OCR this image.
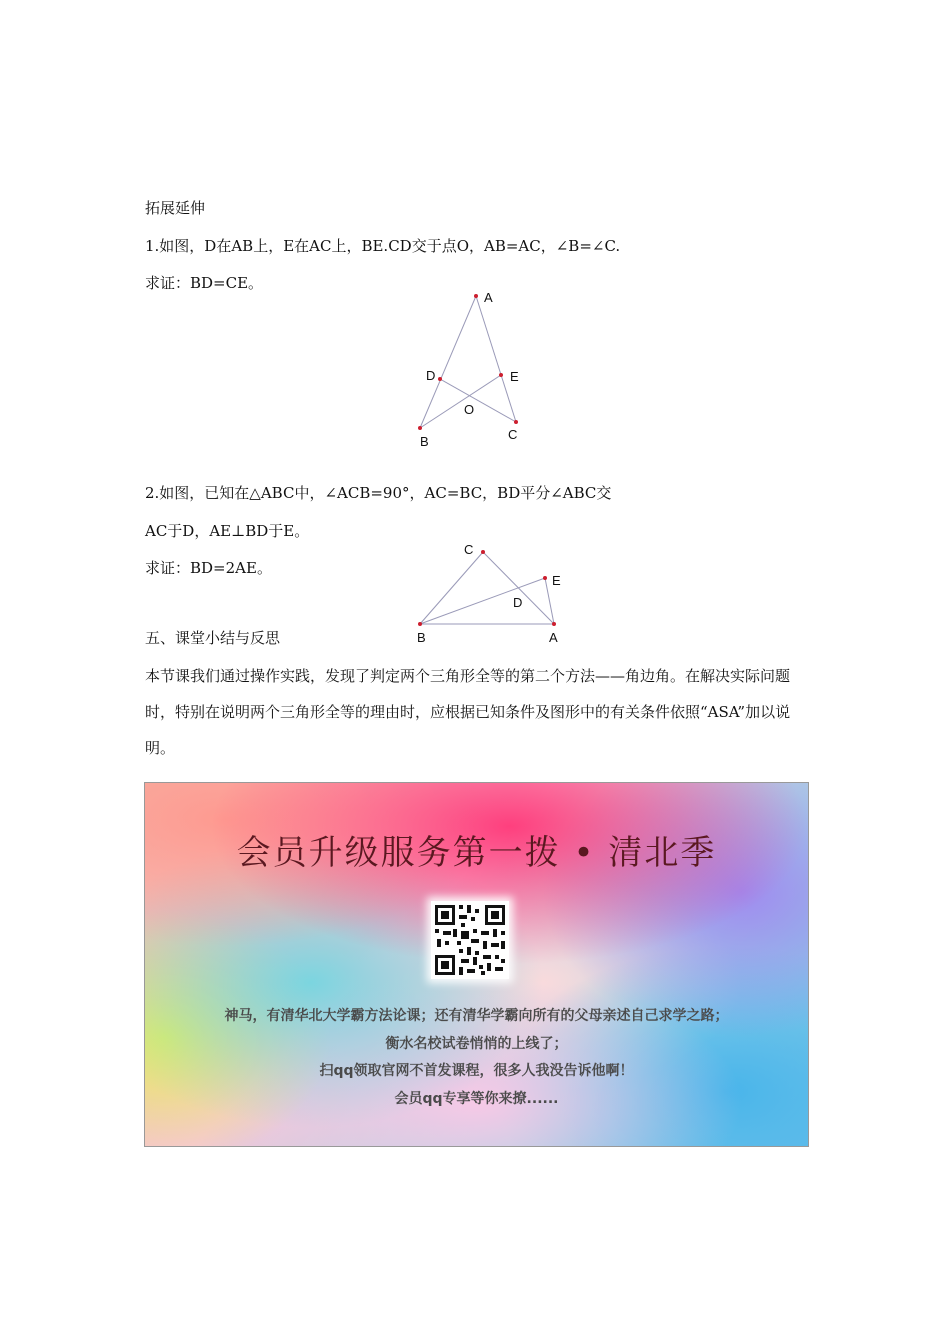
拓展延伸
1.如图，D在AB上，E在AC上，BE.CD交于点O，AB=AC，∠B=∠C.
求证：BD=CE。
A
B	C
D	E
O
2.如图，已知在△ABC中，∠ACB=90°，AC=BC，BD平分∠ABC交
AC于D，AE⊥BD于E。
求证：BD=2AE。
C
E
D
B	A
五、课堂小结与反思
本节课我们通过操作实践，发现了判定两个三角形全等的第二个方法——角边角。在解决实际问题时，特别在说明两个三角形全等的理由时，应根据已知条件及图形中的有关条件依照“ASA”加以说明。
会员升级服务第一拨 • 清北季
神马，有清华北大学霸方法论课；还有清华学霸向所有的父母亲述自己求学之路；
衡水名校试卷悄悄的上线了；
扫qq领取官网不首发课程，很多人我没告诉他啊！
会员qq专享等你来撩......
